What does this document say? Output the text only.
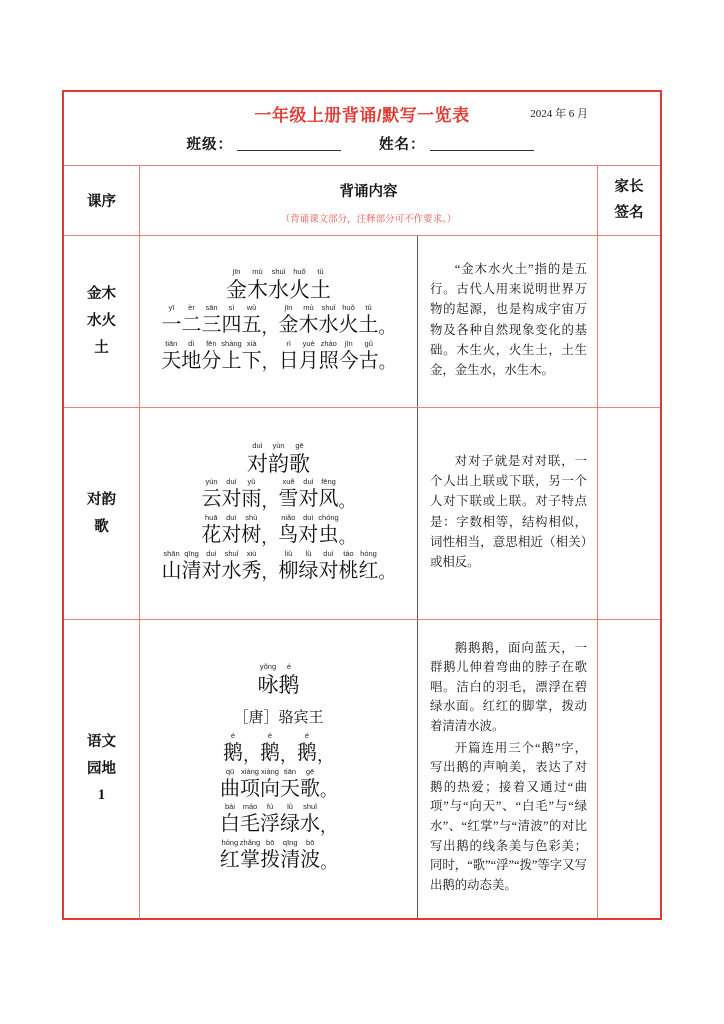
一年级上册背诵/默写一览表	2024 年 6 月
班级：	姓名：
课序
背诵内容
（背诵课文部分，注释部分可不作要求。）
家长
签名
金木
水火
土
jīn
金
mù
木
shuǐ
水
huǒ
火
tǔ
土
yī
一
èr
二
sān
三
sì
四
wǔ
五 ，
jīn
金
mù
木
shuǐ
水
huǒ
火
tǔ
土 。
tiān
天
dì
地
fēn
分
shàng
上
xià
下 ，
rì
日
yuè
月
zhào
照
jīn
今
gǔ
古 。

“金木水火土”指的是五行。古代人用来说明世界万物的起源，也是构成宇宙万物及各种自然现象变化的基础。木生火，火生土，土生金，金生水，水生木。

对韵
歌
duì
对
yùn
韵
gē
歌
yún
云
duì
对
yǔ
雨 ，
xuě
雪
duì
对
fēng
风 。
huā
花
duì
对
shù
树 ，
niǎo
鸟
duì
对
chóng
虫 。
shān
山
qīng
清
duì
对
shuǐ
水
xiù
秀 ，
liǔ
柳
lǜ
绿
duì
对
táo
桃
hóng
红 。

对对子就是对对联，一个人出上联或下联，另一个人对下联或上联。对子特点是：字数相等，结构相似，词性相当，意思相近（相关）或相反。

语文
园地
1
yǒng
咏
é
鹅
［唐］骆宾王
é
鹅 ，
é
鹅 ，
é
鹅 ，
qū
曲
xiàng
项
xiàng
向
tiān
天
gē
歌 。
bái
白
máo
毛
fú
浮
lǜ
绿
shuǐ
水 ，
hóng
红
zhǎng
掌
bō
拨
qīng
清
bō
波 。

鹅鹅鹅，面向蓝天，一群鹅儿伸着弯曲的脖子在歌唱。洁白的羽毛，漂浮在碧绿水面。红红的脚掌，拨动着清清水波。

开篇连用三个“鹅”字，写出鹅的声响美，表达了对鹅的热爱；接着又通过“曲项”与“向天”、“白毛”与“绿水”、“红掌”与“清波”的对比写出鹅的线条美与色彩美；同时，“歌”“浮”“拨”等字又写出鹅的动态美。
